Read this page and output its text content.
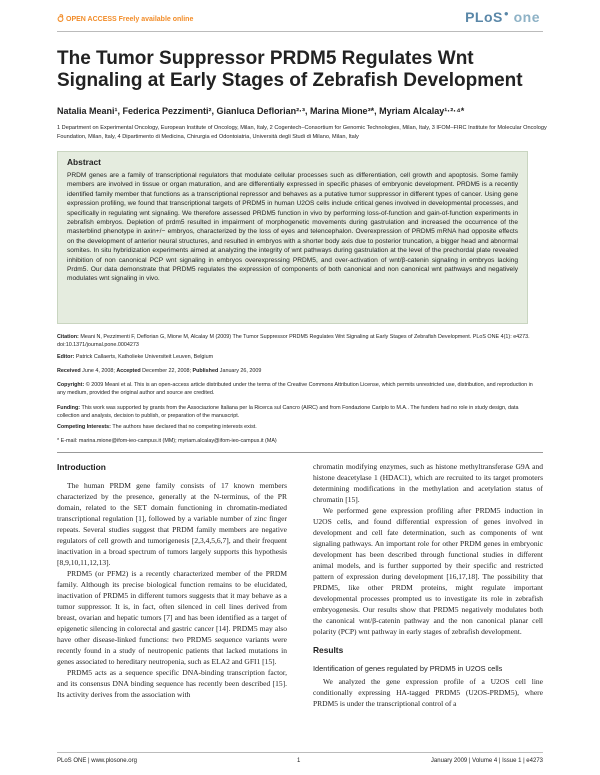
OPEN ACCESS Freely available online	PLoS● one
The Tumor Suppressor PRDM5 Regulates Wnt Signaling at Early Stages of Zebrafish Development
Natalia Meani¹, Federica Pezzimenti², Gianluca Deflorian²·³, Marina Mione³*, Myriam Alcalay¹·²·⁴*
1 Department on Experimental Oncology, European Institute of Oncology, Milan, Italy, 2 Cogentech–Consortium for Genomic Technologies, Milan, Italy, 3 IFOM–FIRC Institute for Molecular Oncology Foundation, Milan, Italy, 4 Dipartimento di Medicina, Chirurgia ed Odontoiatria, Università degli Studi di Milano, Milan, Italy
Abstract

PRDM genes are a family of transcriptional regulators that modulate cellular processes such as differentiation, cell growth and apoptosis. Some family members are involved in tissue or organ maturation, and are differentially expressed in specific phases of embryonic development. PRDM5 is a recently identified family member that functions as a transcriptional repressor and behaves as a putative tumor suppressor in different types of cancer. Using gene expression profiling, we found that transcriptional targets of PRDM5 in human U2OS cells include critical genes involved in developmental processes, and specifically in regulating wnt signaling. We therefore assessed PRDM5 function in vivo by performing loss-of-function and gain-of-function experiments in zebrafish embryos. Depletion of prdm5 resulted in impairment of morphogenetic movements during gastrulation and increased the occurrence of the masterblind phenotype in axin+/− embryos, characterized by the loss of eyes and telencephalon. Overexpression of PRDM5 mRNA had opposite effects on the development of anterior neural structures, and resulted in embryos with a shorter body axis due to posterior truncation, a bigger head and abnormal somites. In situ hybridization experiments aimed at analyzing the integrity of wnt pathways during gastrulation at the level of the prechordal plate revealed inhibition of non canonical PCP wnt signaling in embryos overexpressing PRDM5, and over-activation of wnt/β-catenin signaling in embryos lacking Prdm5. Our data demonstrate that PRDM5 regulates the expression of components of both canonical and non canonical wnt pathways and negatively modulates wnt signaling in vivo.

Citation: Meani N, Pezzimenti F, Deflorian G, Mione M, Alcalay M (2009) The Tumor Suppressor PRDM5 Regulates Wnt Signaling at Early Stages of Zebrafish Development. PLoS ONE 4(1): e4273. doi:10.1371/journal.pone.0004273

Editor: Patrick Callaerts, Katholieke Universiteit Leuven, Belgium

Received June 4, 2008; Accepted December 22, 2008; Published January 26, 2009

Copyright: © 2009 Meani et al. This is an open-access article distributed under the terms of the Creative Commons Attribution License, which permits unrestricted use, distribution, and reproduction in any medium, provided the original author and source are credited.

Funding: This work was supported by grants from the Associazione Italiana per la Ricerca sul Cancro (AIRC) and from Fondazione Cariplo to M.A.. The funders had no role in study design, data collection and analysis, decision to publish, or preparation of the manuscript.

Competing Interests: The authors have declared that no competing interests exist.

* E-mail: marina.mione@ifom-ieo-campus.it (MM); myriam.alcalay@ifom-ieo-campus.it (MA)

Introduction

The human PRDM gene family consists of 17 known members characterized by the presence, generally at the N-terminus, of the PR domain, related to the SET domain functioning in chromatin-mediated transcriptional regulation [1], followed by a variable number of zinc finger repeats. Several studies suggest that PRDM family members are negative regulators of cell growth and tumorigenesis [2,3,4,5,6,7], and their frequent inactivation in a broad spectrum of tumors largely supports this hypothesis [8,9,10,11,12,13].

PRDM5 (or PFM2) is a recently characterized member of the PRDM family. Although its precise biological function remains to be elucidated, inactivation of PRDM5 in different tumors suggests that it may behave as a tumor suppressor. It is, in fact, often silenced in cell lines derived from breast, ovarian and hepatic tumors [7] and has been identified as a target of epigenetic silencing in colorectal and gastric cancer [14]. PRDM5 may also have other disease-linked functions: two PRDM5 sequence variants were recently found in a study of neutropenic patients that lacked mutations in genes associated to hereditary neutropenia, such as ELA2 and GFI1 [15].

PRDM5 acts as a sequence specific DNA-binding transcription factor, and its consensus DNA binding sequence has recently been described [15]. Its activity derives from the association with

chromatin modifying enzymes, such as histone methyltransferase G9A and histone deacetylase 1 (HDAC1), which are recruited to its target promoters determining modifications in the methylation and acetylation status of chromatin [15].

We performed gene expression profiling after PRDM5 induction in U2OS cells, and found differential expression of genes involved in development and cell fate determination, such as components of wnt signaling pathways. An important role for other PRDM genes in embryonic development has been described through functional studies in different animal models, and is further supported by their specific and restricted pattern of expression during development [16,17,18]. The possibility that PRDM5, like other PRDM proteins, might regulate important developmental processes prompted us to investigate its role in zebrafish embryogenesis. Our results show that PRDM5 negatively modulates both the canonical wnt/β-catenin pathway and the non canonical planar cell polarity (PCP) wnt pathway in early stages of zebrafish development.

Results
Identification of genes regulated by PRDM5 in U2OS cells

We analyzed the gene expression profile of a U2OS cell line conditionally expressing HA-tagged PRDM5 (U2OS-PRDM5), where PRDM5 is under the transcriptional control of a

PLoS ONE | www.plosone.org	1	January 2009 | Volume 4 | Issue 1 | e4273
